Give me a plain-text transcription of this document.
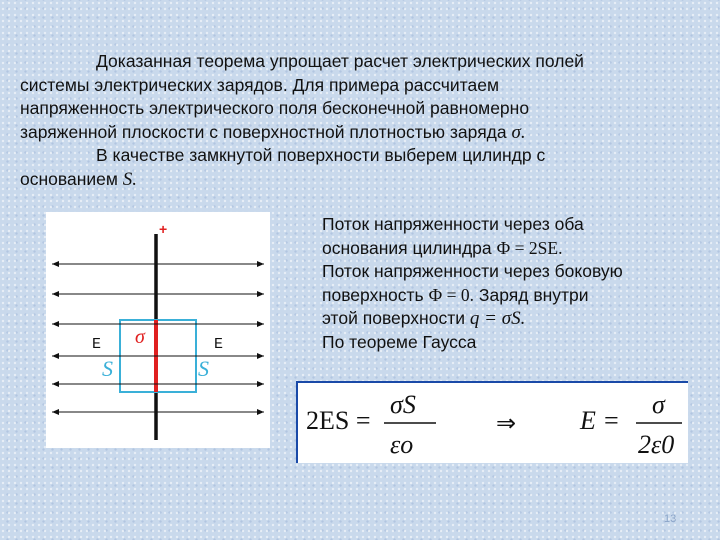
Доказанная теорема упрощает расчет электрических полей
системы электрических зарядов. Для примера рассчитаем
напряженность электрического поля бесконечной равномерно
заряженной плоскости с поверхностной плотностью заряда σ.
В качестве замкнутой поверхности выберем цилиндр с
основанием S.
+
σ
E	E
S	S
Поток напряженности через оба
основания цилиндра Ф = 2SE.
Поток напряженности через боковую
поверхность Ф = 0. Заряд внутри
этой поверхности q = σS.
По теореме Гаусса
2ES =
σS
εo
⇒ E =
σ
2ε0
13
